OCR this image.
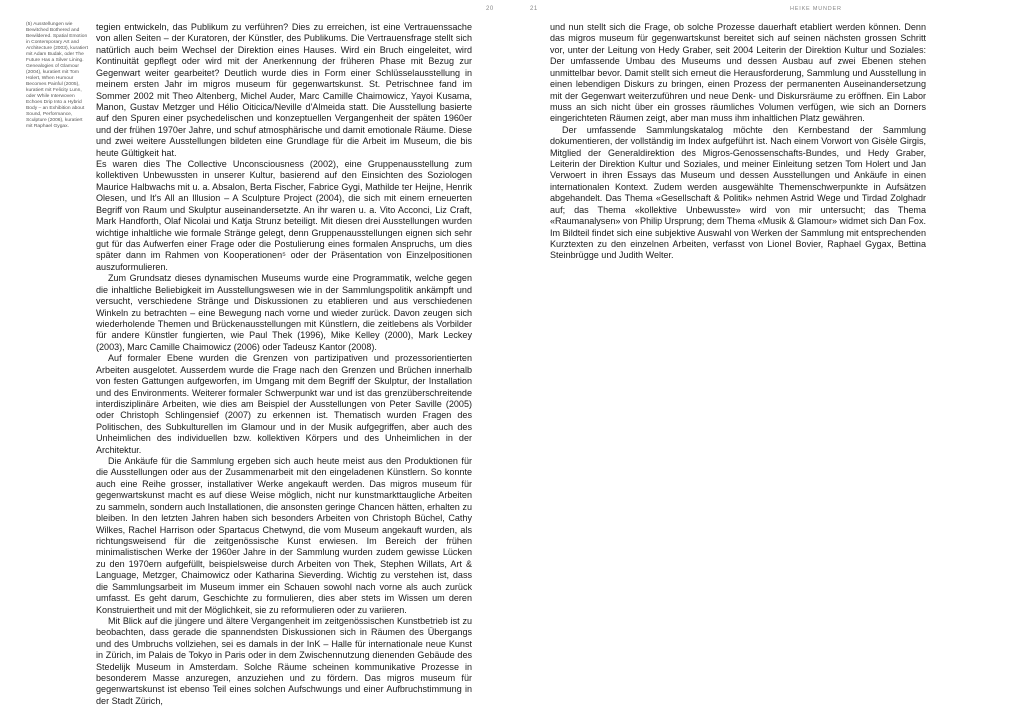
20	21	HEIKE MUNDER

(5) Ausstellungen wie Bewitched Bothered and Bewildered. Spatial Emotion in Contemporary Art and Architecture (2003), kuratiert mit Adam Budak, oder The Future Has a Silver Lining. Genealogies of Glamour (2004), kuratiert mit Tom Holert, When Humour Becomes Painful (2005), kuratiert mit Felicity Lunn, oder While Interwoven Echoes Drip Into a Hybrid Body – an Exhibition about Sound, Performance, Sculpture (2006), kuratiert mit Raphael Gygax.

tegien entwickeln, das Publikum zu verführen? Dies zu erreichen, ist eine Vertrauenssache von allen Seiten – der Kuratoren, der Künstler, des Publikums. Die Vertrauensfrage stellt sich natürlich auch beim Wechsel der Direktion eines Hauses. Wird ein Bruch eingeleitet, wird Kontinuität gepflegt oder wird mit der Anerkennung der früheren Phase mit Bezug zur Gegenwart weiter gearbeitet? Deutlich wurde dies in Form einer Schlüsselausstellung in meinem ersten Jahr im migros museum für gegenwartskunst. St. Petrischnee fand im Sommer 2002 mit Theo Altenberg, Michel Auder, Marc Camille Chaimowicz, Yayoi Kusama, Manon, Gustav Metzger und Hélio Oiticica/Neville d'Almeida statt. Die Ausstellung basierte auf den Spuren einer psychedelischen und konzeptuellen Vergangenheit der späten 1960er und der frühen 1970er Jahre, und schuf atmosphärische und damit emotionale Räume. Diese und zwei weitere Ausstellungen bildeten eine Grundlage für die Arbeit im Museum, die bis heute Gültigkeit hat.

Es waren dies The Collective Unconsciousness (2002), eine Gruppenausstellung zum kollektiven Unbewussten in unserer Kultur, basierend auf den Einsichten des Soziologen Maurice Halbwachs mit u. a. Absalon, Berta Fischer, Fabrice Gygi, Mathilde ter Heijne, Henrik Olesen, und It's All an Illusion – A Sculpture Project (2004), die sich mit einem erneuerten Begriff von Raum und Skulptur auseinandersetzte. An ihr waren u. a. Vito Acconci, Liz Craft, Mark Handforth, Olaf Nicolai und Katja Strunz beteiligt. Mit diesen drei Ausstellungen wurden wichtige inhaltliche wie formale Stränge gelegt, denn Gruppenausstellungen eignen sich sehr gut für das Aufwerfen einer Frage oder die Postulierung eines formalen Anspruchs, um dies später dann im Rahmen von Kooperationen⁵ oder der Präsentation von Einzelpositionen auszuformulieren.

Zum Grundsatz dieses dynamischen Museums wurde eine Programmatik, welche gegen die inhaltliche Beliebigkeit im Ausstellungswesen wie in der Sammlungspolitik ankämpft und versucht, verschiedene Stränge und Diskussionen zu etablieren und aus verschiedenen Winkeln zu betrachten – eine Bewegung nach vorne und wieder zurück. Davon zeugen sich wiederholende Themen und Brückenausstellungen mit Künstlern, die zeitlebens als Vorbilder für andere Künstler fungierten, wie Paul Thek (1996), Mike Kelley (2000), Mark Leckey (2003), Marc Camille Chaimowicz (2006) oder Tadeusz Kantor (2008).

Auf formaler Ebene wurden die Grenzen von partizipativen und prozessorientierten Arbeiten ausgelotet. Ausserdem wurde die Frage nach den Grenzen und Brüchen innerhalb von festen Gattungen aufgeworfen, im Umgang mit dem Begriff der Skulptur, der Installation und des Environments. Weiterer formaler Schwerpunkt war und ist das grenzüberschreitende interdisziplinäre Arbeiten, wie dies am Beispiel der Ausstellungen von Peter Saville (2005) oder Christoph Schlingensief (2007) zu erkennen ist. Thematisch wurden Fragen des Politischen, des Subkulturellen im Glamour und in der Musik aufgegriffen, aber auch des Unheimlichen des individuellen bzw. kollektiven Körpers und des Unheimlichen in der Architektur.

Die Ankäufe für die Sammlung ergeben sich auch heute meist aus den Produktionen für die Ausstellungen oder aus der Zusammenarbeit mit den eingeladenen Künstlern. So konnte auch eine Reihe grosser, installativer Werke angekauft werden. Das migros museum für gegenwartskunst macht es auf diese Weise möglich, nicht nur kunstmarkttaugliche Arbeiten zu sammeln, sondern auch Installationen, die ansonsten geringe Chancen hätten, erhalten zu bleiben. In den letzten Jahren haben sich besonders Arbeiten von Christoph Büchel, Cathy Wilkes, Rachel Harrison oder Spartacus Chetwynd, die vom Museum angekauft wurden, als richtungsweisend für die zeitgenössische Kunst erwiesen. Im Bereich der frühen minimalistischen Werke der 1960er Jahre in der Sammlung wurden zudem gewisse Lücken zu den 1970ern aufgefüllt, beispielsweise durch Arbeiten von Thek, Stephen Willats, Art & Language, Metzger, Chaimowicz oder Katharina Sieverding. Wichtig zu verstehen ist, dass die Sammlungsarbeit im Museum immer ein Schauen sowohl nach vorne als auch zurück umfasst. Es geht darum, Geschichte zu formulieren, dies aber stets im Wissen um deren Konstruiertheit und mit der Möglichkeit, sie zu reformulieren oder zu variieren.

Mit Blick auf die jüngere und ältere Vergangenheit im zeitgenössischen Kunstbetrieb ist zu beobachten, dass gerade die spannendsten Diskussionen sich in Räumen des Übergangs und des Umbruchs vollziehen, sei es damals in der InK – Halle für internationale neue Kunst in Zürich, im Palais de Tokyo in Paris oder in dem Zwischennutzung dienenden Gebäude des Stedelijk Museum in Amsterdam. Solche Räume scheinen kommunikative Prozesse in besonderem Masse anzuregen, anzuziehen und zu fördern. Das migros museum für gegenwartskunst ist ebenso Teil eines solchen Aufschwungs und einer Aufbruchstimmung in der Stadt Zürich,

und nun stellt sich die Frage, ob solche Prozesse dauerhaft etabliert werden können. Denn das migros museum für gegenwartskunst bereitet sich auf seinen nächsten grossen Schritt vor, unter der Leitung von Hedy Graber, seit 2004 Leiterin der Direktion Kultur und Soziales: Der umfassende Umbau des Museums und dessen Ausbau auf zwei Ebenen stehen unmittelbar bevor. Damit stellt sich erneut die Herausforderung, Sammlung und Ausstellung in einen lebendigen Diskurs zu bringen, einen Prozess der permanenten Auseinandersetzung mit der Gegenwart weiterzuführen und neue Denk- und Diskursräume zu eröffnen. Ein Labor muss an sich nicht über ein grosses räumliches Volumen verfügen, wie sich an Dorners eingerichteten Räumen zeigt, aber man muss ihm inhaltlichen Platz gewähren.

Der umfassende Sammlungskatalog möchte den Kernbestand der Sammlung dokumentieren, der vollständig im Index aufgeführt ist. Nach einem Vorwort von Gisèle Girgis, Mitglied der Generaldirektion des Migros-Genossenschafts-Bundes, und Hedy Graber, Leiterin der Direktion Kultur und Soziales, und meiner Einleitung setzen Tom Holert und Jan Verwoert in ihren Essays das Museum und dessen Ausstellungen und Ankäufe in einen internationalen Kontext. Zudem werden ausgewählte Themenschwerpunkte in Aufsätzen abgehandelt. Das Thema «Gesellschaft & Politik» nehmen Astrid Wege und Tirdad Zolghadr auf; das Thema «kollektive Unbewusste» wird von mir untersucht; das Thema «Raumanalysen» von Philip Ursprung; dem Thema «Musik & Glamour» widmet sich Dan Fox. Im Bildteil findet sich eine subjektive Auswahl von Werken der Sammlung mit entsprechenden Kurztexten zu den einzelnen Arbeiten, verfasst von Lionel Bovier, Raphael Gygax, Bettina Steinbrügge und Judith Welter.
